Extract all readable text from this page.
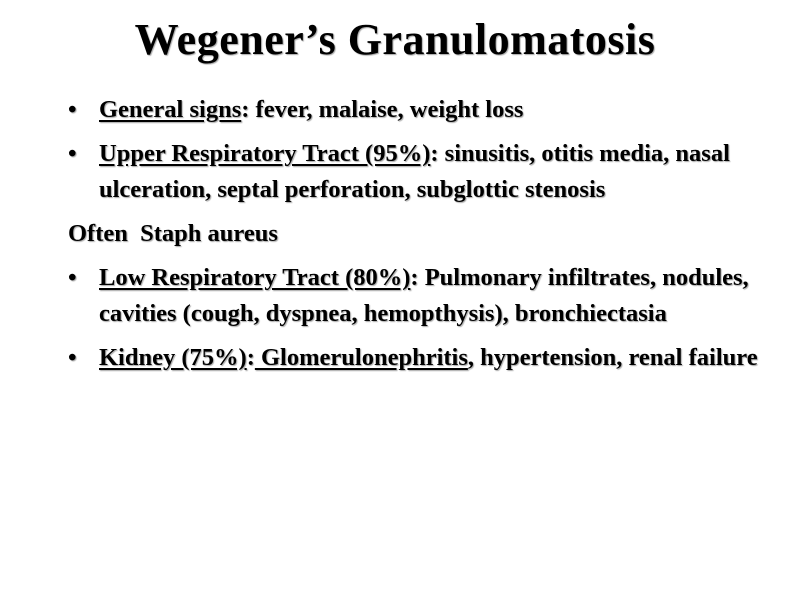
Wegener’s Granulomatosis
• General signs: fever, malaise, weight loss
• Upper Respiratory Tract (95%): sinusitis, otitis media, nasal ulceration, septal perforation, subglottic stenosis
Often  Staph aureus
• Low Respiratory Tract (80%): Pulmonary infiltrates, nodules, cavities (cough, dyspnea, hemopthysis), bronchiectasia
• Kidney (75%): Glomerulonephritis, hypertension, renal failure
